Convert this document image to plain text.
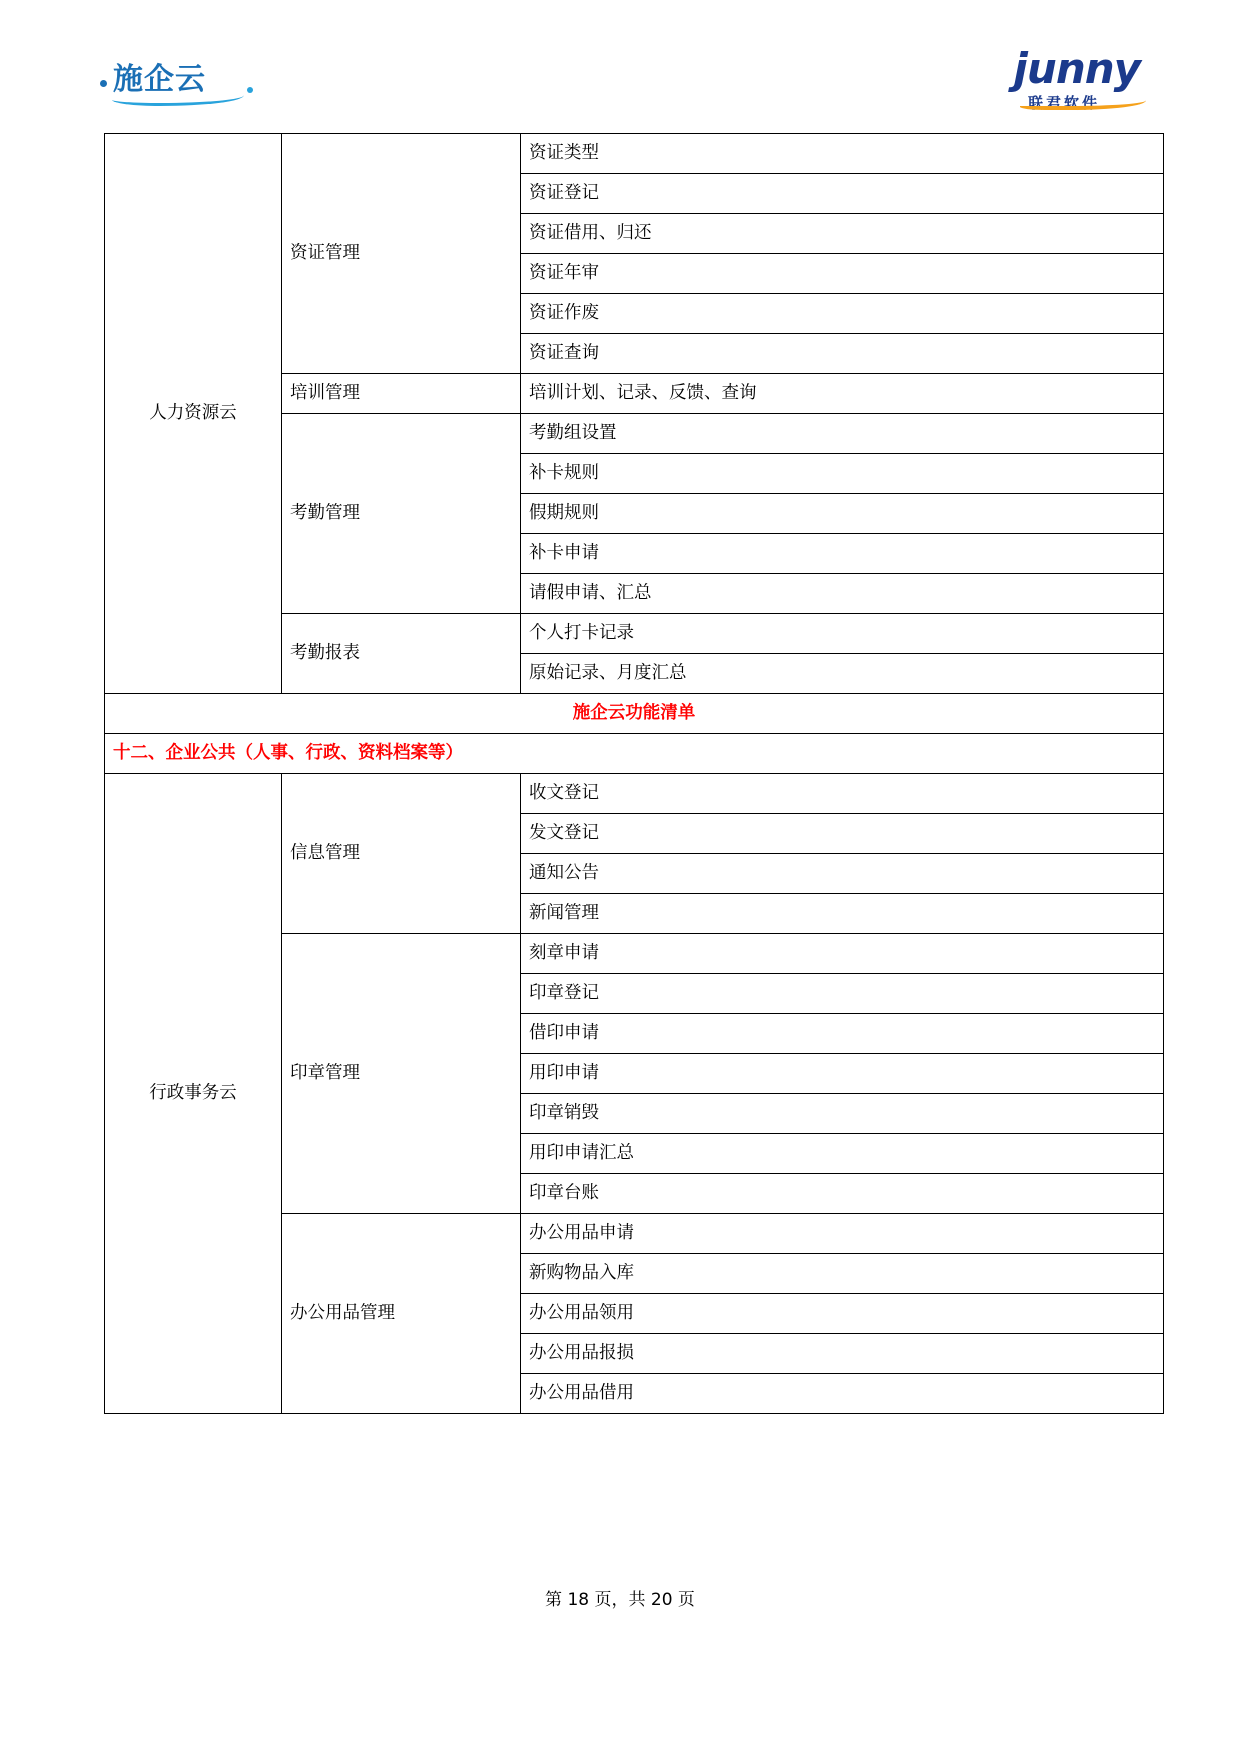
施企云	junny
联君软件
人力资源云	资证管理	资证类型
		资证登记
		资证借用、归还
		资证年审
		资证作废
		资证查询
	培训管理	培训计划、记录、反馈、查询
	考勤管理	考勤组设置
		补卡规则
		假期规则
		补卡申请
		请假申请、汇总
	考勤报表	个人打卡记录
		原始记录、月度汇总
施企云功能清单		
十二、企业公共（人事、行政、资料档案等）		
行政事务云	信息管理	收文登记
		发文登记
		通知公告
		新闻管理
	印章管理	刻章申请
		印章登记
		借印申请
		用印申请
		印章销毁
		用印申请汇总
		印章台账
	办公用品管理	办公用品申请
		新购物品入库
		办公用品领用
		办公用品报损
		办公用品借用
第 18 页，共 20 页
